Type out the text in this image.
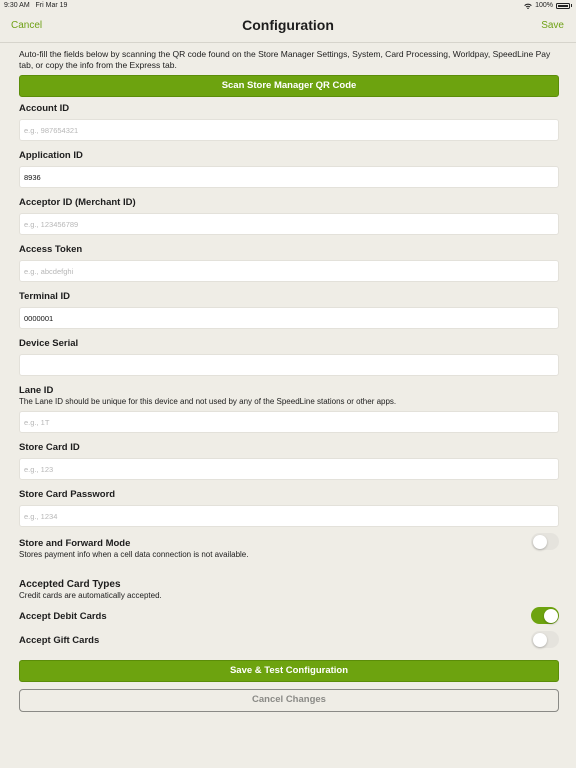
9:30 AM Fri Mar 19	100%
Cancel	Configuration	Save

Auto-fill the fields below by scanning the QR code found on the Store Manager Settings, System, Card Processing, Worldpay, SpeedLine Pay tab, or copy the info from the Express tab.

Scan Store Manager QR Code

Account ID

e.g., 987654321

Application ID

8936

Acceptor ID (Merchant ID)

e.g., 123456789

Access Token

e.g., abcdefghi

Terminal ID

0000001

Device Serial

Lane ID

The Lane ID should be unique for this device and not used by any of the SpeedLine stations or other apps.

e.g., 1T

Store Card ID

e.g., 123

Store Card Password

e.g., 1234

Store and Forward Mode

Stores payment info when a cell data connection is not available.

Accepted Card Types

Credit cards are automatically accepted.

Accept Debit Cards

Accept Gift Cards

Save & Test Configuration
Cancel Changes
